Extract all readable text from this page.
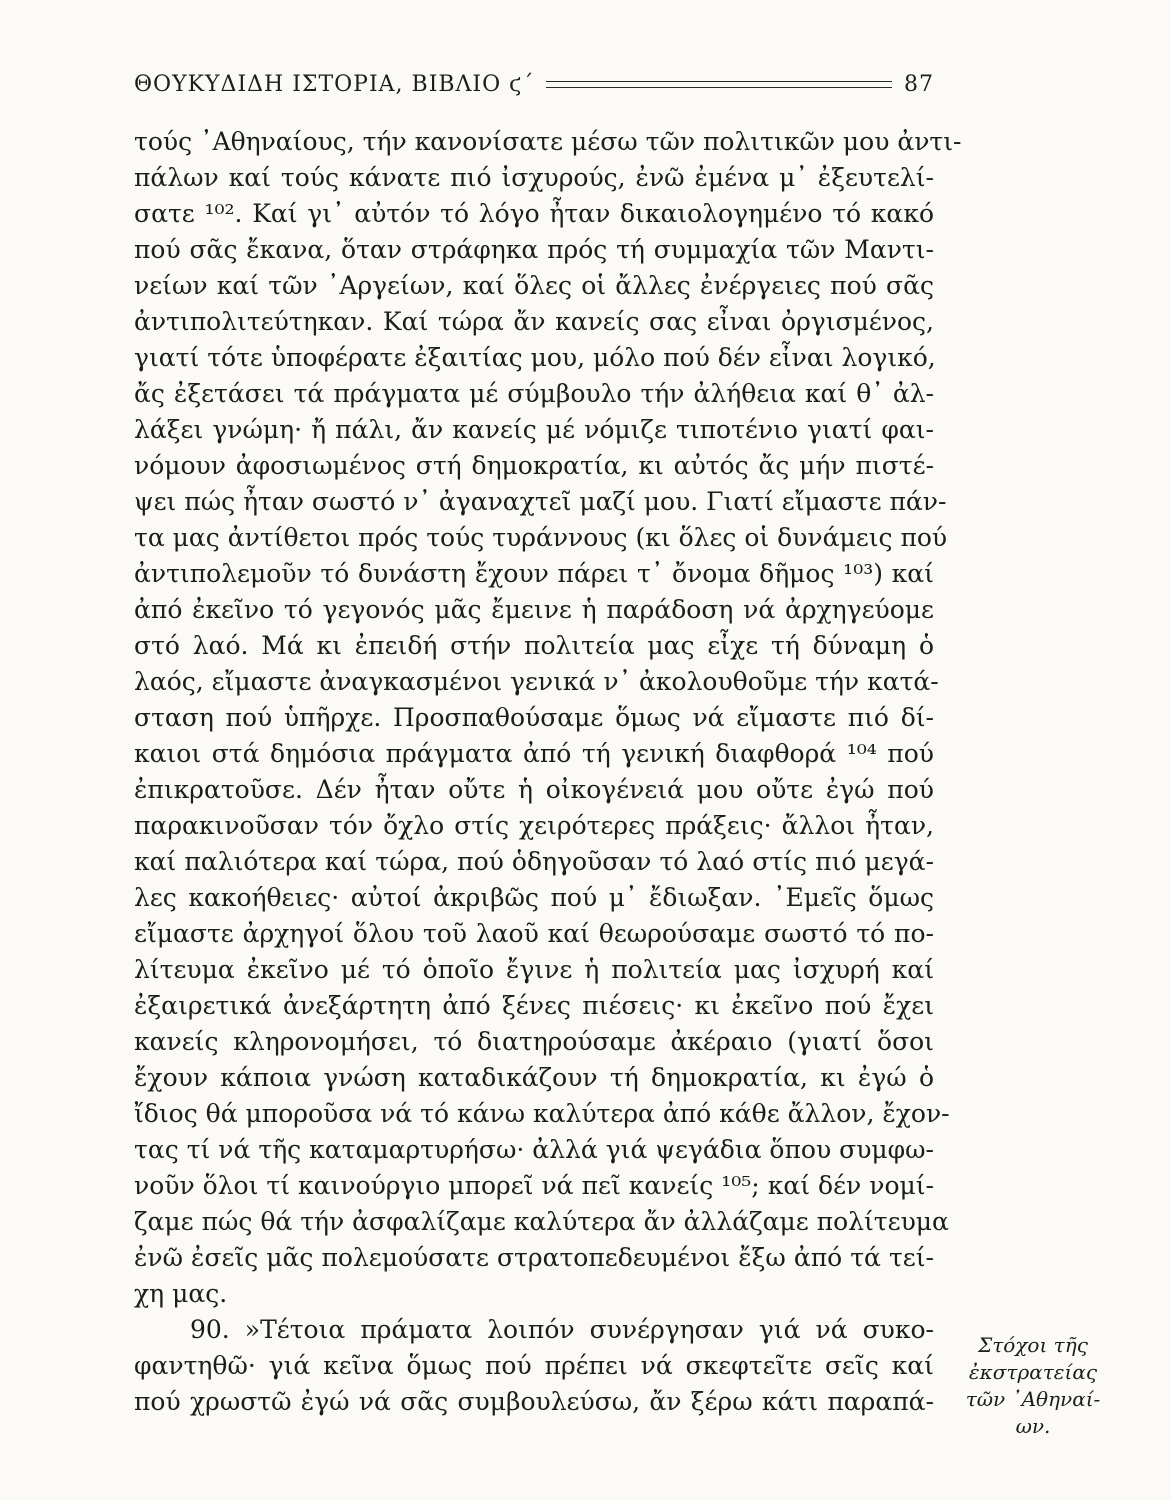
ΘΟΥΚΥΔΙΔΗ ΙΣΤΟΡΙΑ, ΒΙΒΛΙΟ ϛ΄	87
τούς ᾿Αθηναίους, τήν κανονίσατε μέσω τῶν πολιτικῶν μου ἀντι-
πάλων καί τούς κάνατε πιό ἰσχυρούς, ἐνῶ ἐμένα μ᾿ ἐξευτελί-
σατε ¹⁰². Καί γι᾿ αὐτόν τό λόγο ἦταν δικαιολογημένο τό κακό
πού σᾶς ἔκανα, ὅταν στράφηκα πρός τή συμμαχία τῶν Μαντι-
νείων καί τῶν ᾿Αργείων, καί ὅλες οἱ ἄλλες ἐνέργειες πού σᾶς
ἀντιπολιτεύτηκαν. Καί τώρα ἄν κανείς σας εἶναι ὀργισμένος,
γιατί τότε ὑποφέρατε ἐξαιτίας μου, μόλο πού δέν εἶναι λογικό,
ἄς ἐξετάσει τά πράγματα μέ σύμβουλο τήν ἀλήθεια καί θ᾿ ἀλ-
λάξει γνώμη· ἤ πάλι, ἄν κανείς μέ νόμιζε τιποτένιο γιατί φαι-
νόμουν ἀφοσιωμένος στή δημοκρατία, κι αὐτός ἄς μήν πιστέ-
ψει πώς ἦταν σωστό ν᾿ ἀγαναχτεῖ μαζί μου. Γιατί εἴμαστε πάν-
τα μας ἀντίθετοι πρός τούς τυράννους (κι ὅλες οἱ δυνάμεις πού
ἀντιπολεμοῦν τό δυνάστη ἔχουν πάρει τ᾿ ὄνομα δῆμος ¹⁰³) καί
ἀπό ἐκεῖνο τό γεγονός μᾶς ἔμεινε ἡ παράδοση νά ἀρχηγεύομε
στό λαό. Μά κι ἐπειδή στήν πολιτεία μας εἶχε τή δύναμη ὁ
λαός, εἴμαστε ἀναγκασμένοι γενικά ν᾿ ἀκολουθοῦμε τήν κατά-
σταση πού ὑπῆρχε. Προσπαθούσαμε ὅμως νά εἴμαστε πιό δί-
καιοι στά δημόσια πράγματα ἀπό τή γενική διαφθορά ¹⁰⁴ πού
ἐπικρατοῦσε. Δέν ἦταν οὔτε ἡ οἰκογένειά μου οὔτε ἐγώ πού
παρακινοῦσαν τόν ὄχλο στίς χειρότερες πράξεις· ἄλλοι ἦταν,
καί παλιότερα καί τώρα, πού ὁδηγοῦσαν τό λαό στίς πιό μεγά-
λες κακοήθειες· αὐτοί ἀκριβῶς πού μ᾿ ἔδιωξαν. ᾿Εμεῖς ὅμως
εἴμαστε ἀρχηγοί ὅλου τοῦ λαοῦ καί θεωρούσαμε σωστό τό πο-
λίτευμα ἐκεῖνο μέ τό ὁποῖο ἔγινε ἡ πολιτεία μας ἰσχυρή καί
ἐξαιρετικά ἀνεξάρτητη ἀπό ξένες πιέσεις· κι ἐκεῖνο πού ἔχει
κανείς κληρονομήσει, τό διατηρούσαμε ἀκέραιο (γιατί ὅσοι
ἔχουν κάποια γνώση καταδικάζουν τή δημοκρατία, κι ἐγώ ὁ
ἴδιος θά μποροῦσα νά τό κάνω καλύτερα ἀπό κάθε ἄλλον, ἔχον-
τας τί νά τῆς καταμαρτυρήσω· ἀλλά γιά ψεγάδια ὅπου συμφω-
νοῦν ὅλοι τί καινούργιο μπορεῖ νά πεῖ κανείς ¹⁰⁵; καί δέν νομί-
ζαμε πώς θά τήν ἀσφαλίζαμε καλύτερα ἄν ἀλλάζαμε πολίτευμα
ἐνῶ ἐσεῖς μᾶς πολεμούσατε στρατοπεδευμένοι ἔξω ἀπό τά τεί-
χη μας.
90. »Τέτοια πράματα λοιπόν συνέργησαν γιά νά συκο-
φαντηθῶ· γιά κεῖνα ὅμως πού πρέπει νά σκεφτεῖτε σεῖς καί
πού χρωστῶ ἐγώ νά σᾶς συμβουλεύσω, ἄν ξέρω κάτι παραπά-
Στόχοι τῆς
ἐκστρατείας
τῶν ᾿Αθηναί-
ων.
